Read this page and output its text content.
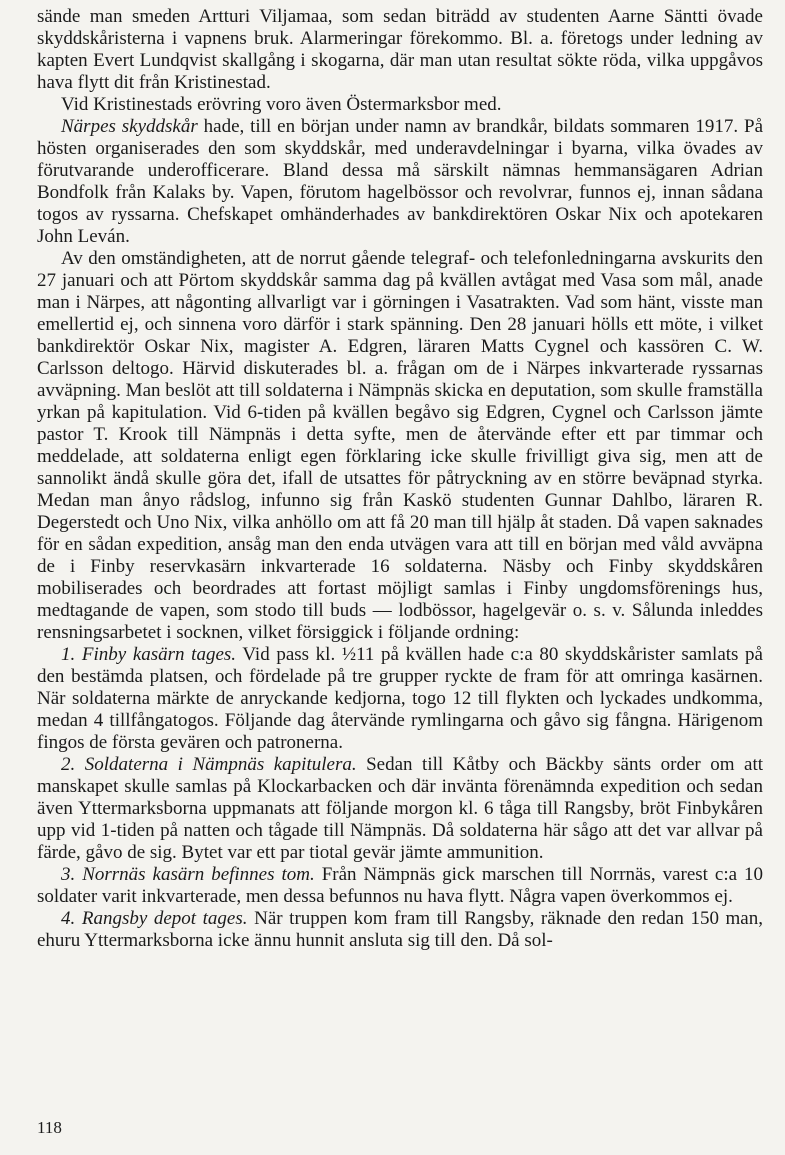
sände man smeden Artturi Viljamaa, som sedan biträdd av studenten Aarne Säntti övade skyddskåristerna i vapnens bruk. Alarmeringar förekommo. Bl. a. företogs under ledning av kapten Evert Lundqvist skallgång i skogarna, där man utan resultat sökte röda, vilka uppgåvos hava flytt dit från Kristinestad.

Vid Kristinestads erövring voro även Östermarksbor med.

Närpes skyddskår hade, till en början under namn av brandkår, bildats sommaren 1917. På hösten organiserades den som skyddskår, med underavdelningar i byarna, vilka övades av förutvarande underofficerare. Bland dessa må särskilt nämnas hemmansägaren Adrian Bondfolk från Kalaks by. Vapen, förutom hagelbössor och revolvrar, funnos ej, innan sådana togos av ryssarna. Chefskapet omhänderhades av bankdirektören Oskar Nix och apotekaren John Leván.

Av den omständigheten, att de norrut gående telegraf- och telefonledningarna avskurits den 27 januari och att Pörtom skyddskår samma dag på kvällen avtågat med Vasa som mål, anade man i Närpes, att någonting allvarligt var i görningen i Vasatrakten. Vad som hänt, visste man emellertid ej, och sinnena voro därför i stark spänning. Den 28 januari hölls ett möte, i vilket bankdirektör Oskar Nix, magister A. Edgren, läraren Matts Cygnel och kassören C. W. Carlsson deltogo. Härvid diskuterades bl. a. frågan om de i Närpes inkvarterade ryssarnas avväpning. Man beslöt att till soldaterna i Nämpnäs skicka en deputation, som skulle framställa yrkan på kapitulation. Vid 6-tiden på kvällen begåvo sig Edgren, Cygnel och Carlsson jämte pastor T. Krook till Nämpnäs i detta syfte, men de återvände efter ett par timmar och meddelade, att soldaterna enligt egen förklaring icke skulle frivilligt giva sig, men att de sannolikt ändå skulle göra det, ifall de utsattes för påtryckning av en större beväpnad styrka. Medan man ånyo rådslog, infunno sig från Kaskö studenten Gunnar Dahlbo, läraren R. Degerstedt och Uno Nix, vilka anhöllo om att få 20 man till hjälp åt staden. Då vapen saknades för en sådan expedition, ansåg man den enda utvägen vara att till en början med våld avväpna de i Finby reservkasärn inkvarterade 16 soldaterna. Näsby och Finby skyddskåren mobiliserades och beordrades att fortast möjligt samlas i Finby ungdomsförenings hus, medtagande de vapen, som stodo till buds — lodbössor, hagelgevär o. s. v. Sålunda inleddes rensningsarbetet i socknen, vilket försiggick i följande ordning:

1. Finby kasärn tages. Vid pass kl. ½11 på kvällen hade c:a 80 skyddskårister samlats på den bestämda platsen, och fördelade på tre grupper ryckte de fram för att omringa kasärnen. När soldaterna märkte de anryckande kedjorna, togo 12 till flykten och lyckades undkomma, medan 4 tillfångatogos. Följande dag återvände rymlingarna och gåvo sig fångna. Härigenom fingos de första gevären och patronerna.

2. Soldaterna i Nämpnäs kapitulera. Sedan till Kåtby och Bäckby sänts order om att manskapet skulle samlas på Klockarbacken och där invänta förenämnda expedition och sedan även Yttermarksborna uppmanats att följande morgon kl. 6 tåga till Rangsby, bröt Finbykåren upp vid 1-tiden på natten och tågade till Nämpnäs. Då soldaterna här sågo att det var allvar på färde, gåvo de sig. Bytet var ett par tiotal gevär jämte ammunition.

3. Norrnäs kasärn befinnes tom. Från Nämpnäs gick marschen till Norrnäs, varest c:a 10 soldater varit inkvarterade, men dessa befunnos nu hava flytt. Några vapen överkommos ej.

4. Rangsby depot tages. När truppen kom fram till Rangsby, räknade den redan 150 man, ehuru Yttermarksborna icke ännu hunnit ansluta sig till den. Då sol-

118
